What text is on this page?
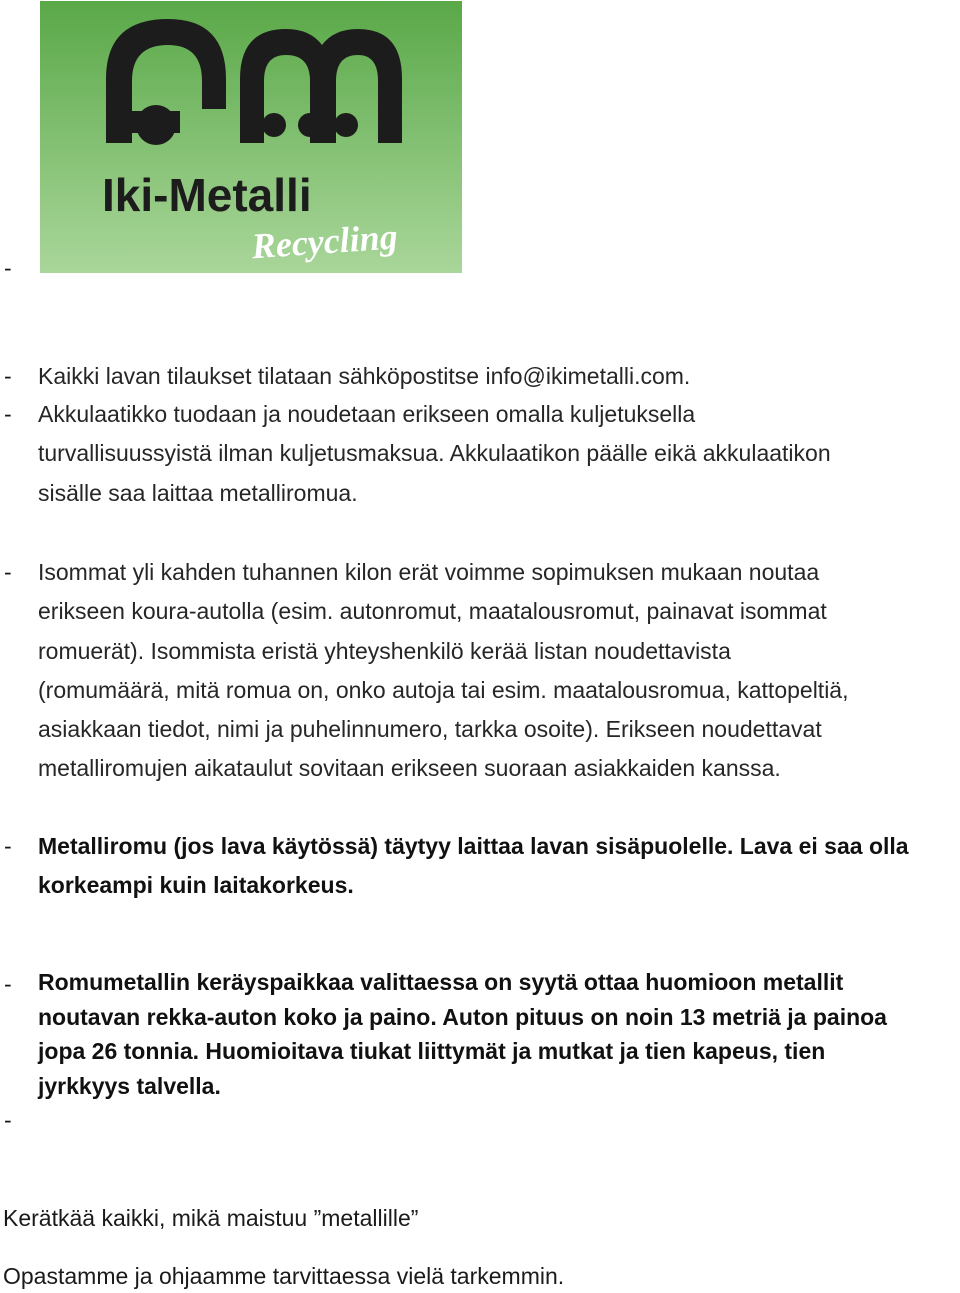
-
-
Iki-Metalli
Recycling
- Kaikki lavan tilaukset tilataan sähköpostitse info@ikimetalli.com.
- Akkulaatikko tuodaan ja noudetaan erikseen omalla kuljetuksella
turvallisuussyistä ilman kuljetusmaksua. Akkulaatikon päälle eikä akkulaatikon
sisälle saa laittaa metalliromua.
- Isommat yli kahden tuhannen kilon erät voimme sopimuksen mukaan noutaa
erikseen koura-autolla (esim. autonromut, maatalousromut, painavat isommat
romuerät). Isommista eristä yhteyshenkilö kerää listan noudettavista
(romumäärä, mitä romua on, onko autoja tai esim. maatalousromua, kattopeltiä,
asiakkaan tiedot, nimi ja puhelinnumero, tarkka osoite). Erikseen noudettavat
metalliromujen aikataulut sovitaan erikseen suoraan asiakkaiden kanssa.
- Metalliromu (jos lava käytössä) täytyy laittaa lavan sisäpuolelle. Lava ei saa olla
korkeampi kuin laitakorkeus.
- Romumetallin keräyspaikkaa valittaessa on syytä ottaa huomioon metallit
noutavan rekka-auton koko ja paino. Auton pituus on noin 13 metriä ja painoa
jopa 26 tonnia. Huomioitava tiukat liittymät ja mutkat ja tien kapeus, tien
jyrkkyys talvella.
Kerätkää kaikki, mikä maistuu ”metallille”
Opastamme ja ohjaamme tarvittaessa vielä tarkemmin.
